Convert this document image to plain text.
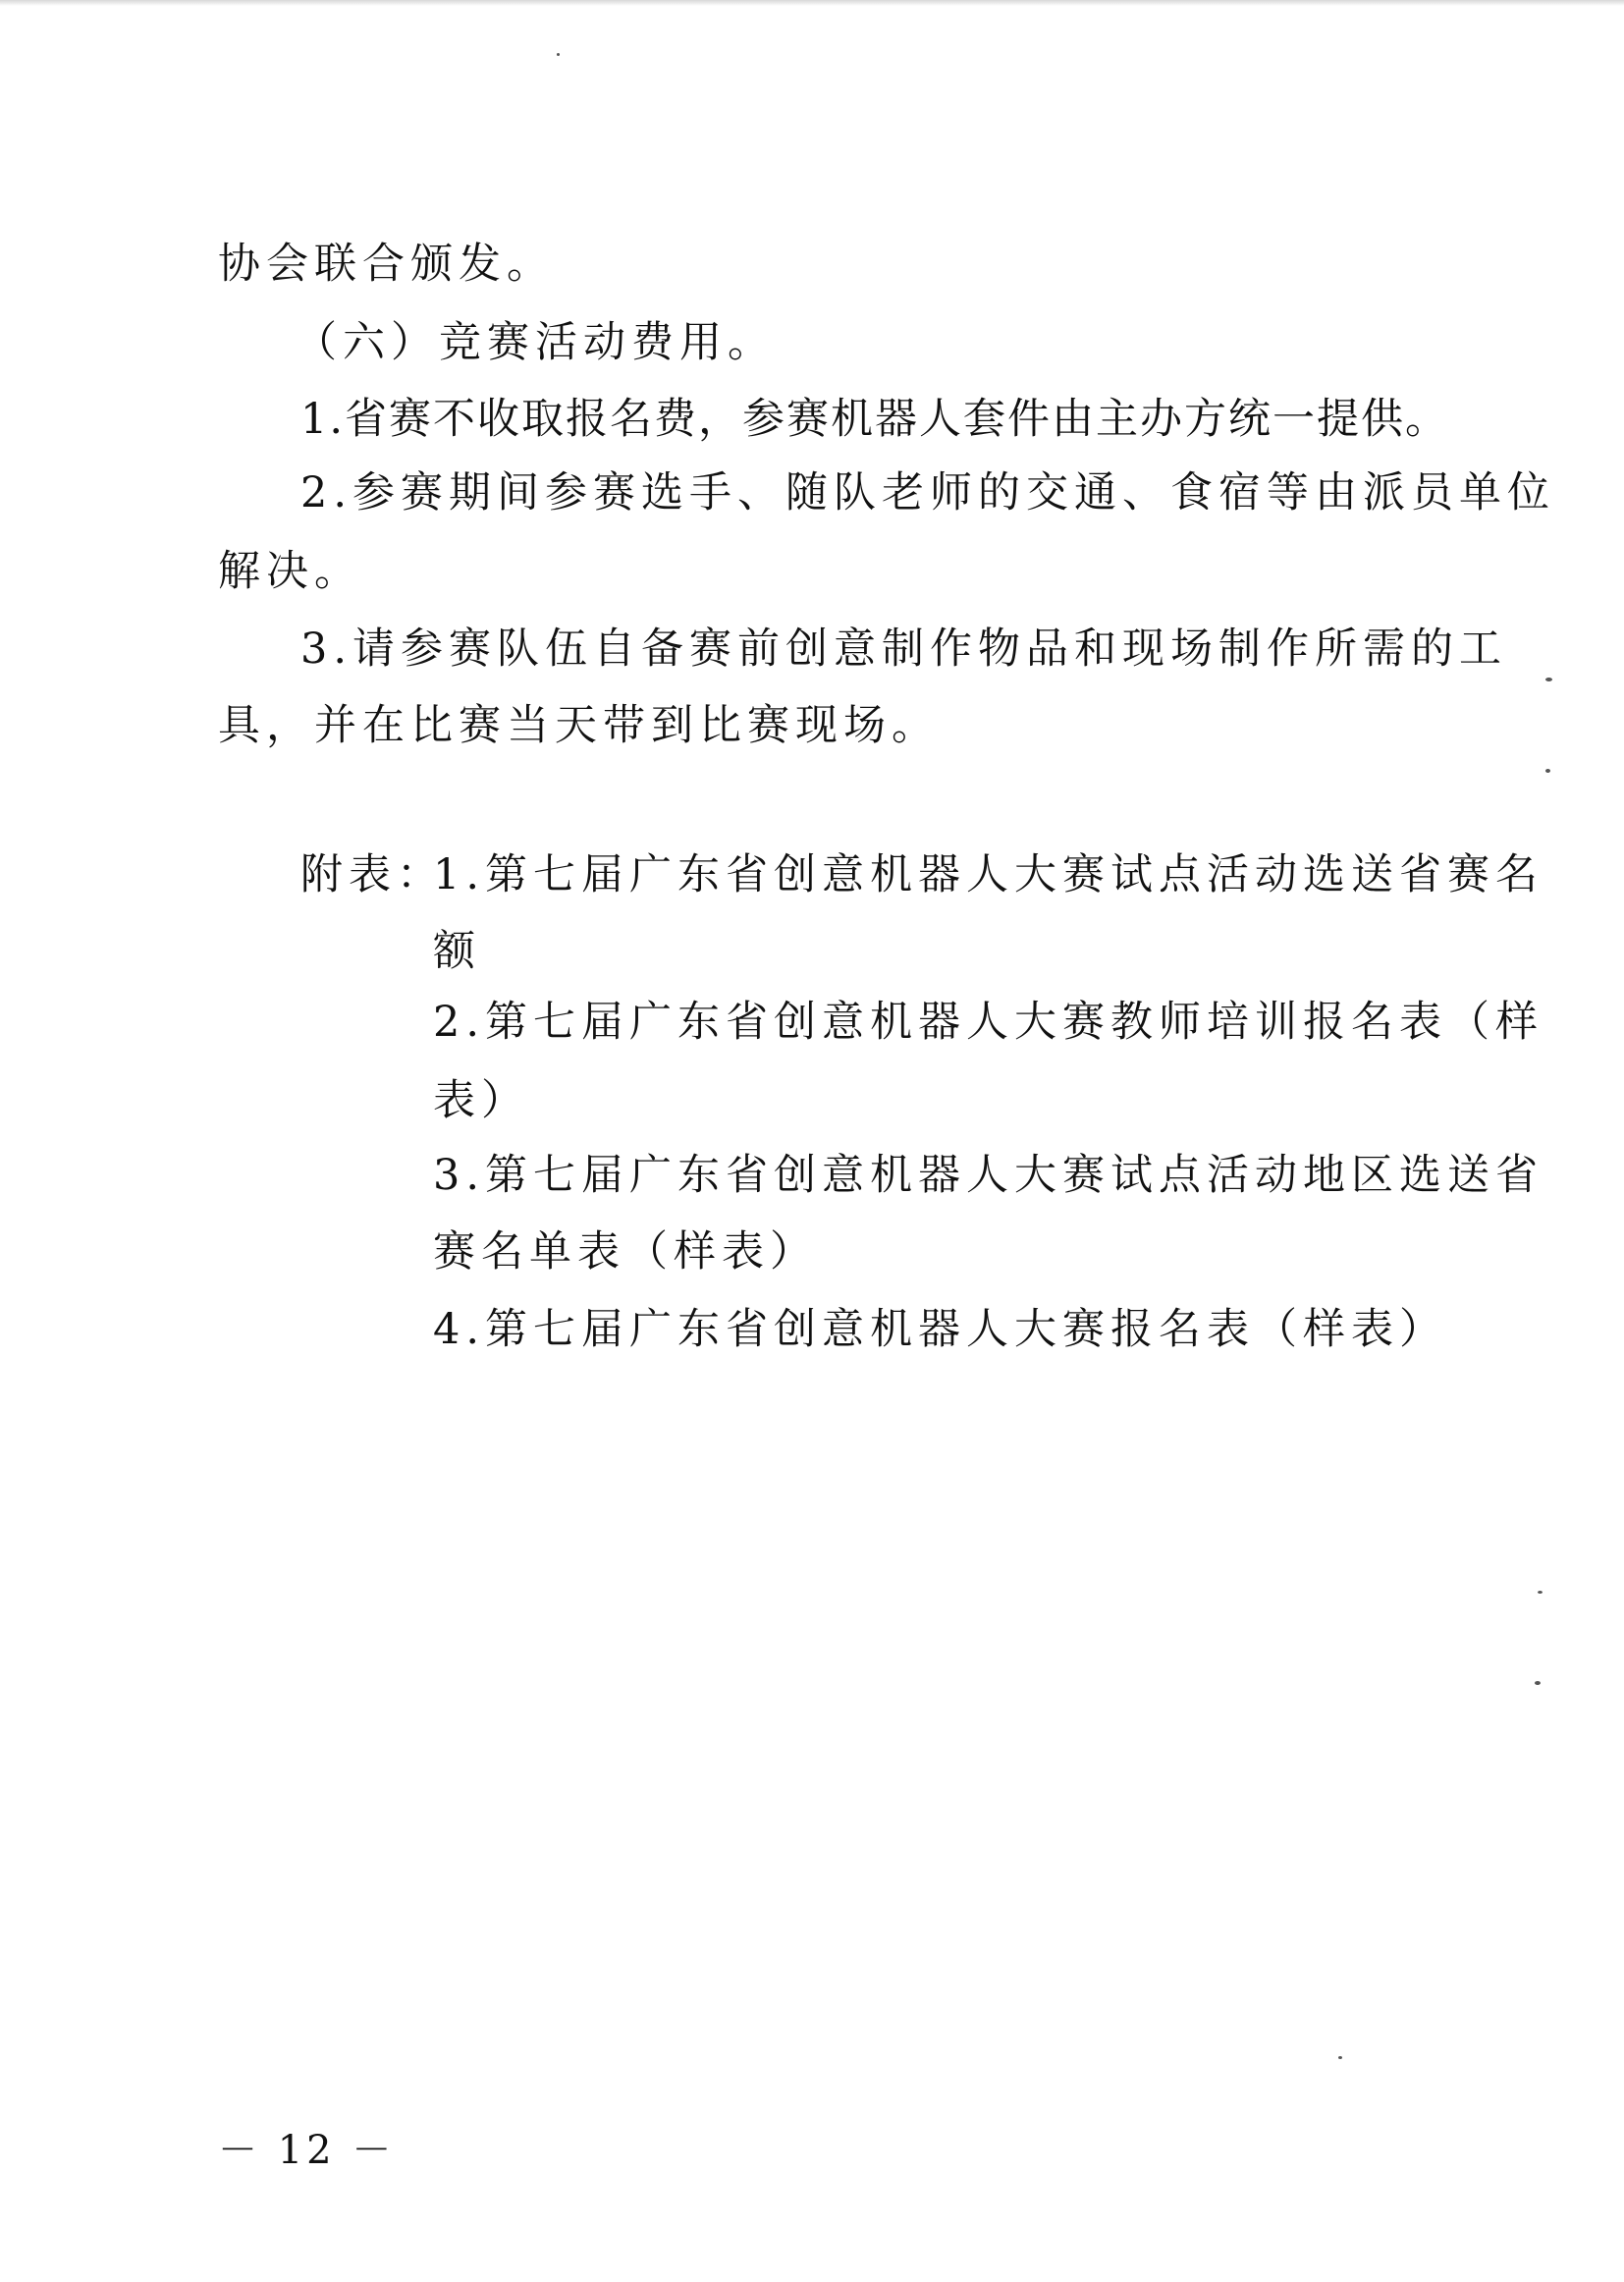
协会联合颁发。
（六）竞赛活动费用。
1.省赛不收取报名费，参赛机器人套件由主办方统一提供。
2.参赛期间参赛选手、随队老师的交通、食宿等由派员单位
解决。
3.请参赛队伍自备赛前创意制作物品和现场制作所需的工
具，并在比赛当天带到比赛现场。
附表：
1.第七届广东省创意机器人大赛试点活动选送省赛名
额
2.第七届广东省创意机器人大赛教师培训报名表（样
表）
3.第七届广东省创意机器人大赛试点活动地区选送省
赛名单表（样表）
4.第七届广东省创意机器人大赛报名表（样表）
－ 12 －
